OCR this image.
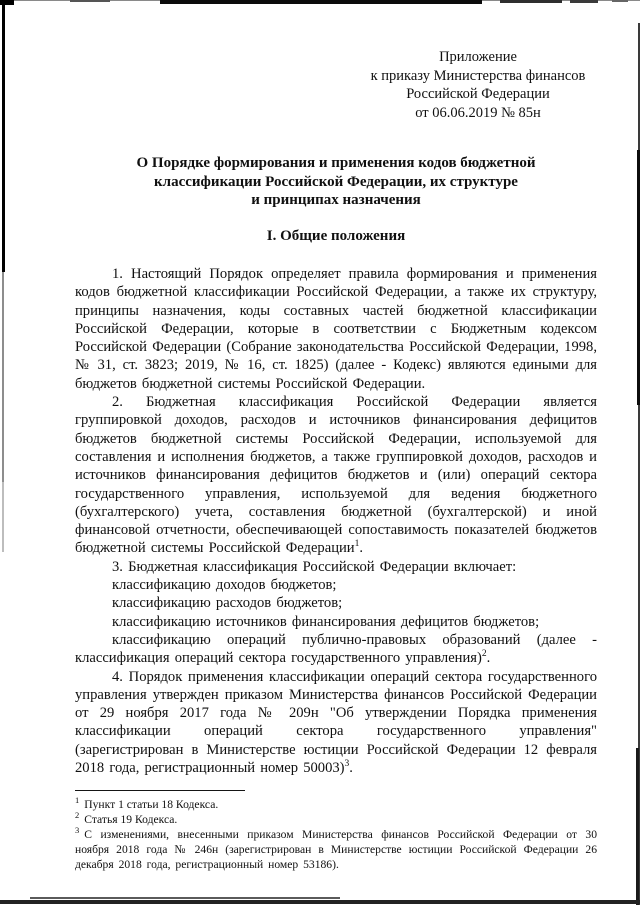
Приложение
к приказу Министерства финансов
Российской Федерации
от 06.06.2019 № 85н
О Порядке формирования и применения кодов бюджетной
классификации Российской Федерации, их структуре
и принципах назначения
I. Общие положения

1. Настоящий Порядок определяет правила формирования и применения кодов бюджетной классификации Российской Федерации, а также их структуру, принципы назначения, коды составных частей бюджетной классификации Российской Федерации, которые в соответствии с Бюджетным кодексом Российской Федерации (Собрание законодательства Российской Федерации, 1998, № 31, ст. 3823; 2019, № 16, ст. 1825) (далее - Кодекс) являются едиными для бюджетов бюджетной системы Российской Федерации.

2. Бюджетная классификация Российской Федерации является группировкой доходов, расходов и источников финансирования дефицитов бюджетов бюджетной системы Российской Федерации, используемой для составления и исполнения бюджетов, а также группировкой доходов, расходов и источников финансирования дефицитов бюджетов и (или) операций сектора государственного управления, используемой для ведения бюджетного (бухгалтерского) учета, составления бюджетной (бухгалтерской) и иной финансовой отчетности, обеспечивающей сопоставимость показателей бюджетов бюджетной системы Российской Федерации$^1$.

3. Бюджетная классификация Российской Федерации включает:

классификацию доходов бюджетов;

классификацию расходов бюджетов;

классификацию источников финансирования дефицитов бюджетов;

классификацию операций публично-правовых образований (далее - классификация операций сектора государственного управления)$^2$.

4. Порядок применения классификации операций сектора государственного управления утвержден приказом Министерства финансов Российской Федерации от 29 ноября 2017 года № 209н "Об утверждении Порядка применения классификации операций сектора государственного управления" (зарегистрирован в Министерстве юстиции Российской Федерации 12 февраля 2018 года, регистрационный номер 50003)$^3$.

$^1$ Пункт 1 статьи 18 Кодекса.

$^2$ Статья 19 Кодекса.

$^3$ С изменениями, внесенными приказом Министерства финансов Российской Федерации от 30 ноября 2018 года № 246н (зарегистрирован в Министерстве юстиции Российской Федерации 26 декабря 2018 года, регистрационный номер 53186).
